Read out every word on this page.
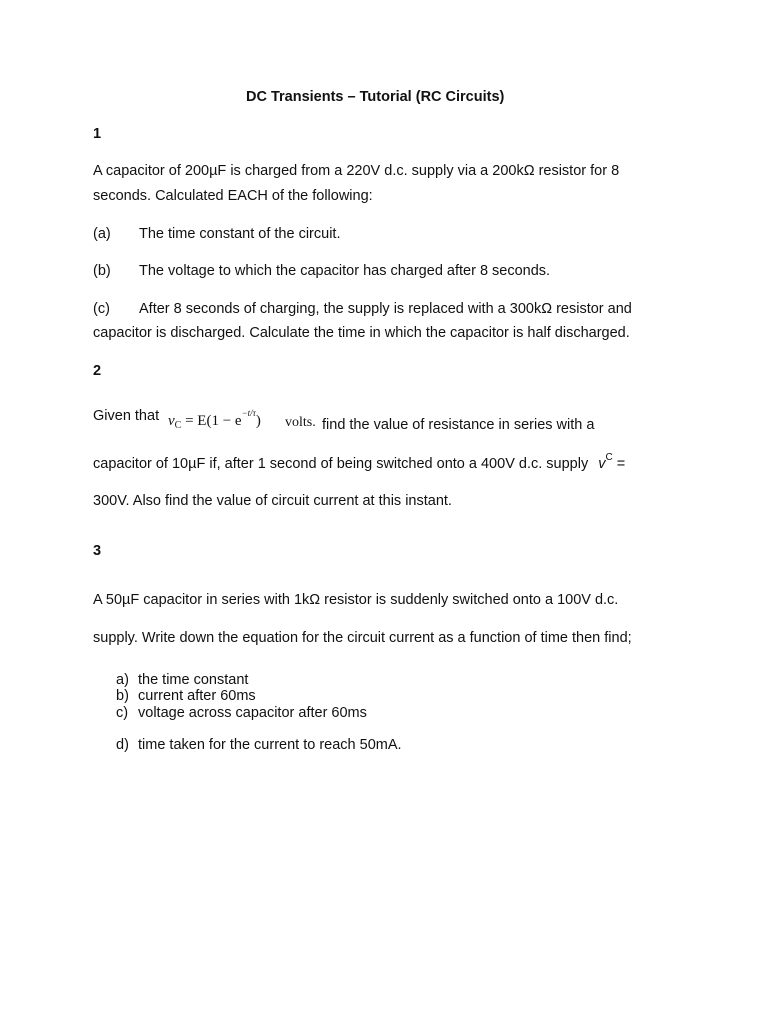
DC Transients – Tutorial (RC Circuits)
1
A capacitor of 200µF is charged from a 220V d.c. supply via a 200kΩ resistor for 8
seconds. Calculated EACH of the following:
(a) The time constant of the circuit.
(b) The voltage to which the capacitor has charged after 8 seconds.
(c) After 8 seconds of charging, the supply is replaced with a 300kΩ resistor and
capacitor is discharged. Calculate the time in which the capacitor is half discharged.
2
Given that $v_C = E(1 - e^{-t/\tau})$ volts. find the value of resistance in series with a
capacitor of 10µF if, after 1 second of being switched onto a 400V d.c. supply $v^C$ =
300V. Also find the value of circuit current at this instant.
3
A 50µF capacitor in series with 1kΩ resistor is suddenly switched onto a 100V d.c.
supply. Write down the equation for the circuit current as a function of time then find;
a) the time constant
b) current after 60ms
c) voltage across capacitor after 60ms
d) time taken for the current to reach 50mA.
